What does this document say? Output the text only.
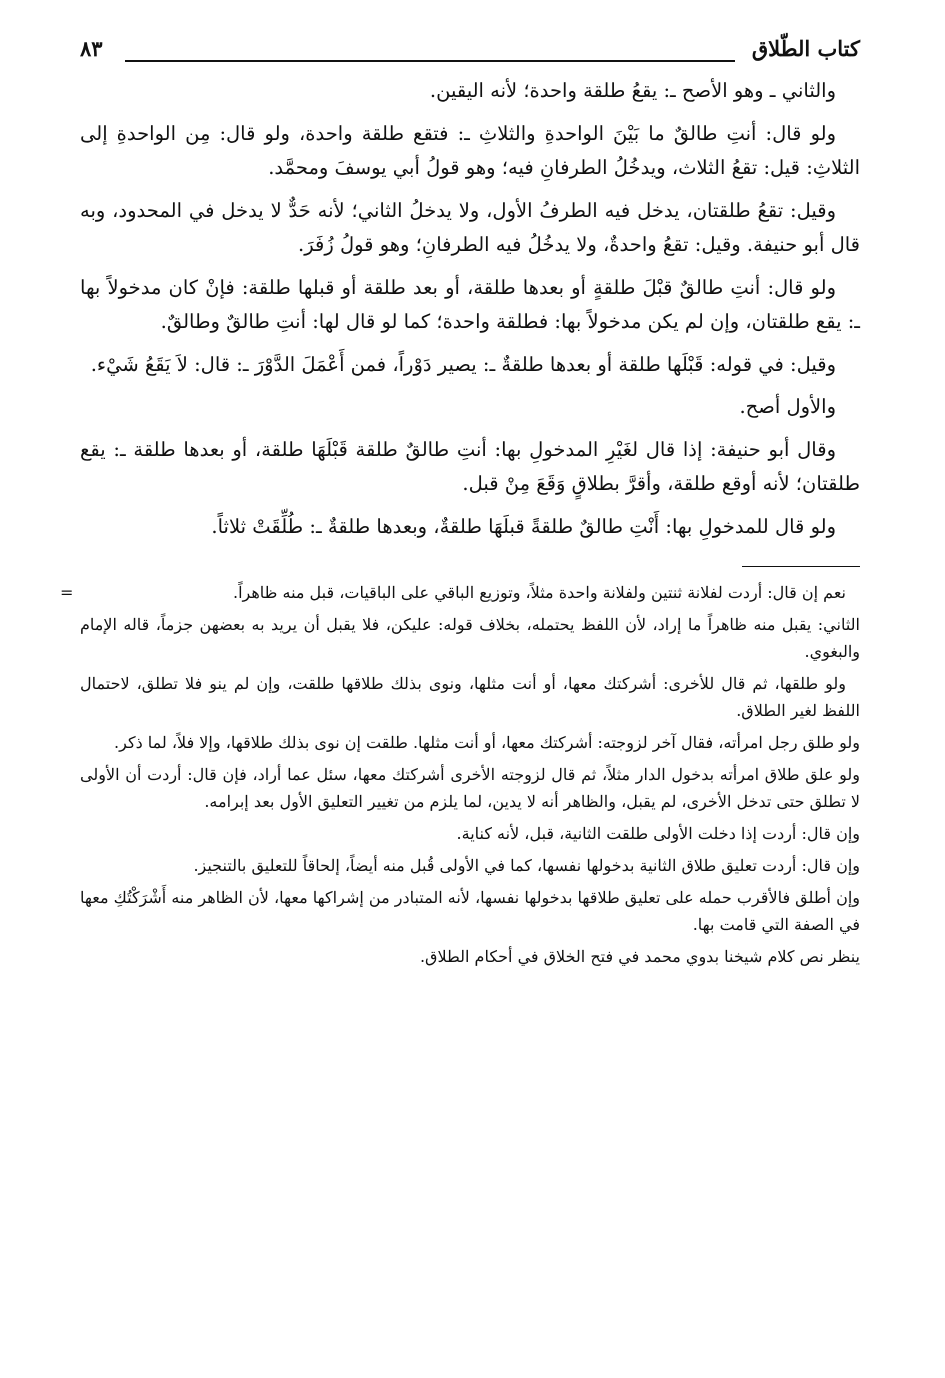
كتاب الطّلاق
٨٣

والثاني ـ وهو الأصح ـ: يقعُ طلقة واحدة؛ لأنه اليقين.

ولو قال: أنتِ طالقٌ ما بَيْنَ الواحدةِ والثلاثِ ـ: فتقع طلقة واحدة، ولو قال: مِن الواحدةِ إلى الثلاثِ: قيل: تقعُ الثلاث، ويدخُلُ الطرفانِ فيه؛ وهو قولُ أبي يوسفَ ومحمَّد.

وقيل: تقعُ طلقتان، يدخل فيه الطرفُ الأول، ولا يدخلُ الثاني؛ لأنه حَدٌّ لا يدخل في المحدود، وبه قال أبو حنيفة. وقيل: تقعُ واحدةٌ، ولا يدخُلُ فيه الطرفانِ؛ وهو قولُ زُفَرَ.

ولو قال: أنتِ طالقٌ قبْلَ طلقةٍ أو بعدها طلقة، أو بعد طلقة أو قبلها طلقة: فإنْ كان مدخولاً بها ـ: يقع طلقتان، وإن لم يكن مدخولاً بها: فطلقة واحدة؛ كما لو قال لها: أنتِ طالقٌ وطالقٌ.

وقيل: في قوله: قَبْلَها طلقة أو بعدها طلقةٌ ـ: يصير دَوْراً، فمن أَعْمَلَ الدَّوْرَ ـ: قال: لاَ يَقَعُ شَيْء.

والأول أصح.

وقال أبو حنيفة: إذا قال لغَيْرِ المدخولِ بها: أنتِ طالقٌ طلقة قَبْلَهَا طلقة، أو بعدها طلقة ـ: يقع طلقتان؛ لأنه أوقع طلقة، وأقرَّ بطلاقٍ وَقَعَ مِنْ قبل.

ولو قال للمدخولِ بها: أَنْتِ طالقٌ طلقةً قبلَهَا طلقةٌ، وبعدها طلقةٌ ـ: طُلِّقَتْ ثلاثاً.

=	نعم إن قال: أردت لفلانة ثنتين ولفلانة واحدة مثلاً، وتوزيع الباقي على الباقيات، قبل منه ظاهراً.

الثاني: يقبل منه ظاهراً ما إراد، لأن اللفظ يحتمله، بخلاف قوله: عليكن، فلا يقبل أن يريد به بعضهن جزماً، قاله الإمام والبغوي.

ولو طلقها، ثم قال للأخرى: أشركتك معها، أو أنت مثلها، ونوى بذلك طلاقها طلقت، وإن لم ينو فلا تطلق، لاحتمال اللفظ لغير الطلاق.

ولو طلق رجل امرأته، فقال آخر لزوجته: أشركتك معها، أو أنت مثلها. طلقت إن نوى بذلك طلاقها، وإلا فلاً، لما ذكر.

ولو علق طلاق امرأته بدخول الدار مثلاً، ثم قال لزوجته الأخرى أشركتك معها، سئل عما أراد، فإن قال: أردت أن الأولى لا تطلق حتى تدخل الأخرى، لم يقبل، والظاهر أنه لا يدين، لما يلزم من تغيير التعليق الأول بعد إبرامه.

وإن قال: أردت إذا دخلت الأولى طلقت الثانية، قبل، لأنه كناية.

وإن قال: أردت تعليق طلاق الثانية بدخولها نفسها، كما في الأولى قُبل منه أيضاً، إلحاقاً للتعليق بالتنجيز.

وإن أطلق فالأقرب حمله على تعليق طلاقها بدخولها نفسها، لأنه المتبادر من إشراكها معها، لأن الظاهر منه أَشْرَكْتُكِ معها في الصفة التي قامت بها.

ينظر نص كلام شيخنا بدوي محمد في فتح الخلاق في أحكام الطلاق.
